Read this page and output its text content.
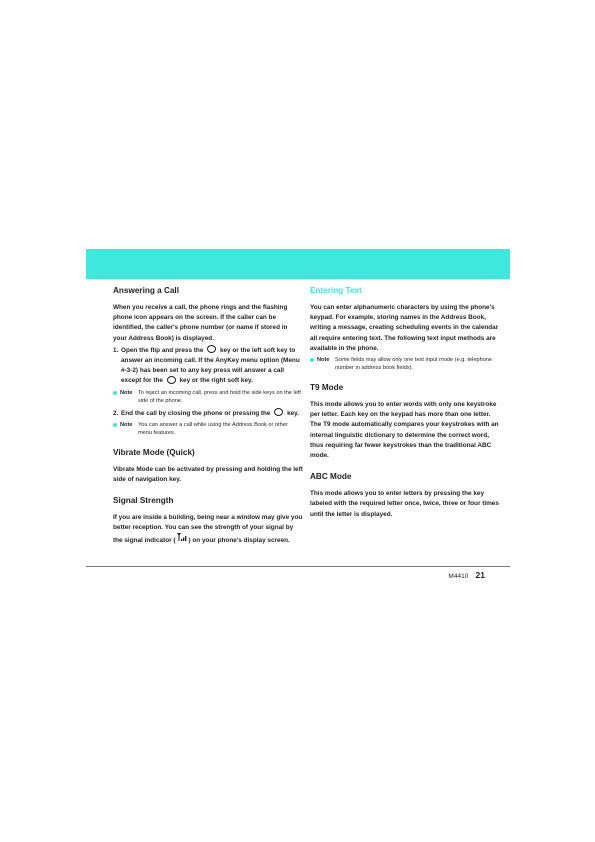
Answering a Call

When you receive a call, the phone rings and the flashing phone icon appears on the screen. If the caller can be identified, the caller's phone number (or name if stored in your Address Book) is displayed.

1. Open the flip and press the	key or the left soft key to answer an incoming call. If the AnyKey menu option (Menu #-3-2) has been set to any key press will answer a call except for the	key or the right soft key.
Note To reject an incoming call, press and hold the side keys on the left side of the phone.
2. End the call by closing the phone or pressing the	key.
Note You can answer a call while using the Address Book or other menu features.
Vibrate Mode (Quick)

Vibrate Mode can be activated by pressing and holding the left side of navigation key.

Signal Strength

If you are inside a building, being near a window may give you better reception. You can see the strength of your signal by the signal indicator ( ) on your phone's display screen.

Entering Text

You can enter alphanumeric characters by using the phone's keypad. For example, storing names in the Address Book, writing a message, creating scheduling events in the calendar all require entering text. The following text input methods are available in the phone.

Note Some fields may allow only one text input mode (e.g. telephone number in address book fields).
T9 Mode

This mode allows you to enter words with only one keystroke per letter. Each key on the keypad has more than one letter. The T9 mode automatically compares your keystrokes with an internal linguistic dictionary to determine the correct word, thus requiring far fewer keystrokes than the traditional ABC mode.

ABC Mode

This mode allows you to enter letters by pressing the key labeled with the required letter once, twice, three or four times until the letter is displayed.

M4410 21
